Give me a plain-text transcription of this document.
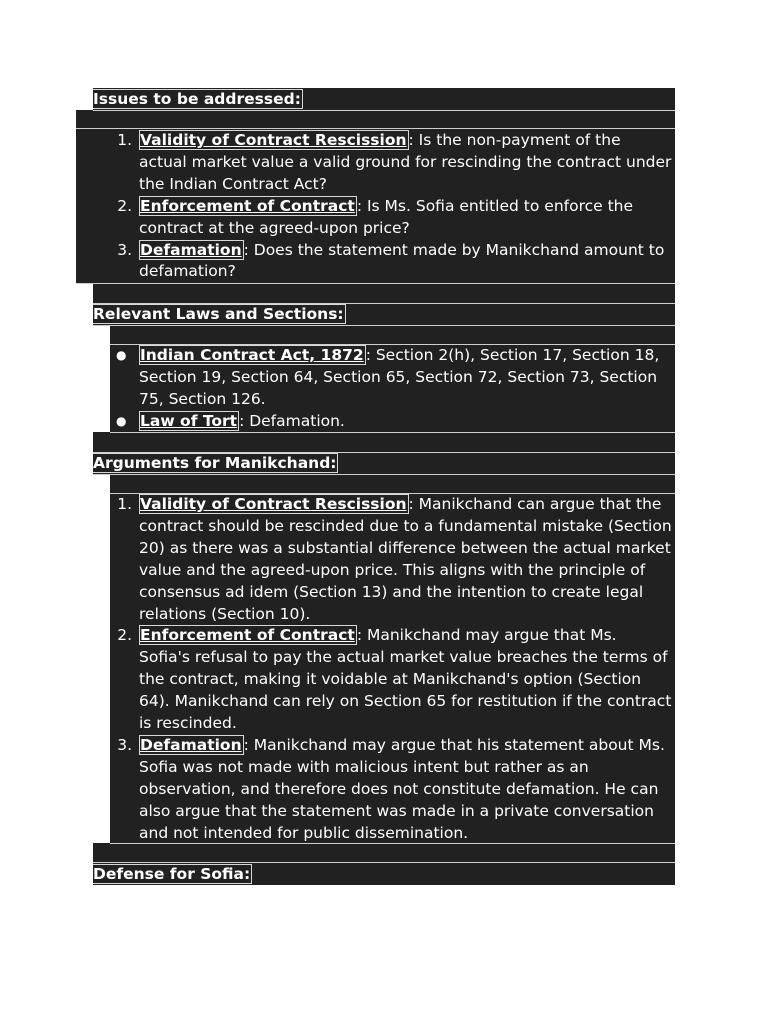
Issues to be addressed:
1. Validity of Contract Rescission : Is the non-payment of the actual market value a valid ground for rescinding the contract under the Indian Contract Act?
2. Enforcement of Contract : Is Ms. Sofia entitled to enforce the contract at the agreed-upon price?
3. Defamation : Does the statement made by Manikchand amount to defamation?
Relevant Laws and Sections:
● Indian Contract Act, 1872 : Section 2(h), Section 17, Section 18, Section 19, Section 64, Section 65, Section 72, Section 73, Section 75, Section 126.
● Law of Tort : Defamation.
Arguments for Manikchand:
1. Validity of Contract Rescission : Manikchand can argue that the contract should be rescinded due to a fundamental mistake (Section 20) as there was a substantial difference between the actual market value and the agreed-upon price. This aligns with the principle of consensus ad idem (Section 13) and the intention to create legal relations (Section 10).
2. Enforcement of Contract : Manikchand may argue that Ms. Sofia's refusal to pay the actual market value breaches the terms of the contract, making it voidable at Manikchand's option (Section 64). Manikchand can rely on Section 65 for restitution if the contract is rescinded.
3. Defamation : Manikchand may argue that his statement about Ms. Sofia was not made with malicious intent but rather as an observation, and therefore does not constitute defamation. He can also argue that the statement was made in a private conversation and not intended for public dissemination.
Defense for Sofia:
